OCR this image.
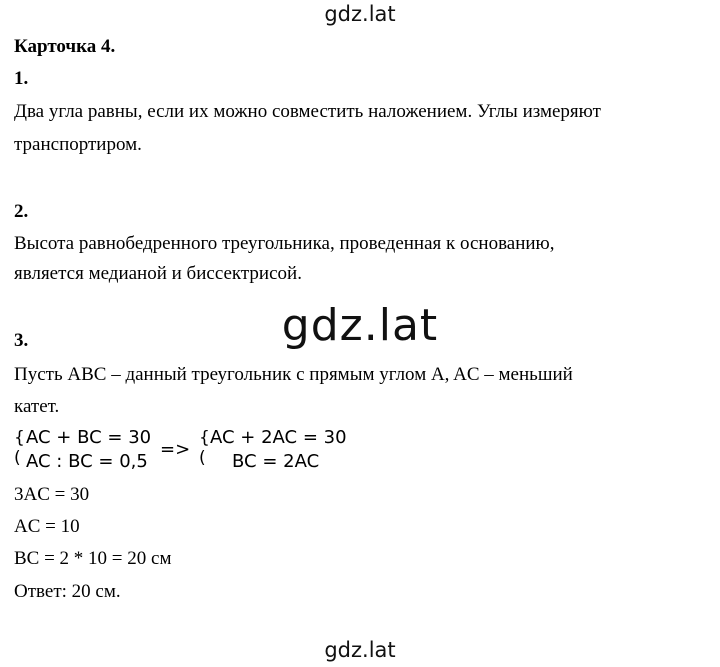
gdz.lat
Карточка 4.
1.
Два угла равны, если их можно совместить наложением. Углы измеряют
транспортиром.
2.
Высота равнобедренного треугольника, проведенная к основанию,
является медианой и биссектрисой.
gdz.lat
3.
Пусть ABC – данный треугольник с прямым углом A, AC – меньший
катет.
{
(
AC + BC = 30
AC : BC = 0,5
=>
{
(
AC + 2AC = 30
BC = 2AC
3AC = 30
AC = 10
BC = 2 * 10 = 20 см
Ответ: 20 см.
gdz.lat
